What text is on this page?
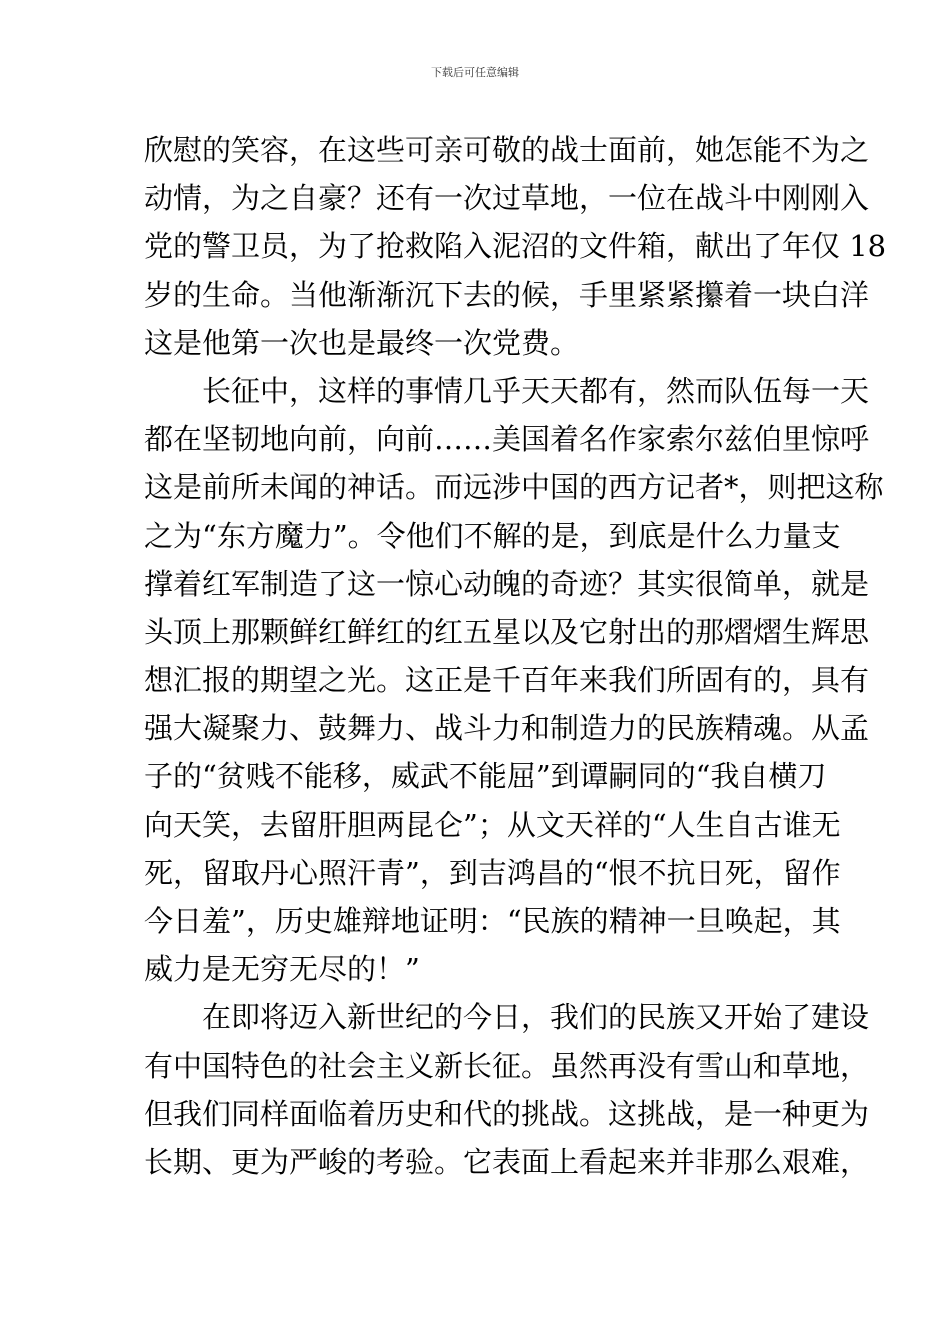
下载后可任意编辑
欣慰的笑容，在这些可亲可敬的战士面前，她怎能不为之
动情，为之自豪？还有一次过草地，一位在战斗中刚刚入
党的警卫员，为了抢救陷入泥沼的文件箱，献出了年仅 18
岁的生命。当他渐渐沉下去的候，手里紧紧攥着一块白洋
这是他第一次也是最终一次党费。
长征中，这样的事情几乎天天都有，然而队伍每一天
都在坚韧地向前，向前……美国着名作家索尔兹伯里惊呼
这是前所未闻的神话。而远涉中国的西方记者*，则把这称
之为“东方魔力”。令他们不解的是，到底是什么力量支
撑着红军制造了这一惊心动魄的奇迹？其实很简单，就是
头顶上那颗鲜红鲜红的红五星以及它射出的那熠熠生辉思
想汇报的期望之光。这正是千百年来我们所固有的，具有
强大凝聚力、鼓舞力、战斗力和制造力的民族精魂。从孟
子的“贫贱不能移，威武不能屈”到谭嗣同的“我自横刀
向天笑，去留肝胆两昆仑”；从文天祥的“人生自古谁无
死，留取丹心照汗青”，到吉鸿昌的“恨不抗日死，留作
今日羞”，历史雄辩地证明：“民族的精神一旦唤起，其
威力是无穷无尽的！”
在即将迈入新世纪的今日，我们的民族又开始了建设
有中国特色的社会主义新长征。虽然再没有雪山和草地，
但我们同样面临着历史和代的挑战。这挑战，是一种更为
长期、更为严峻的考验。它表面上看起来并非那么艰难，
